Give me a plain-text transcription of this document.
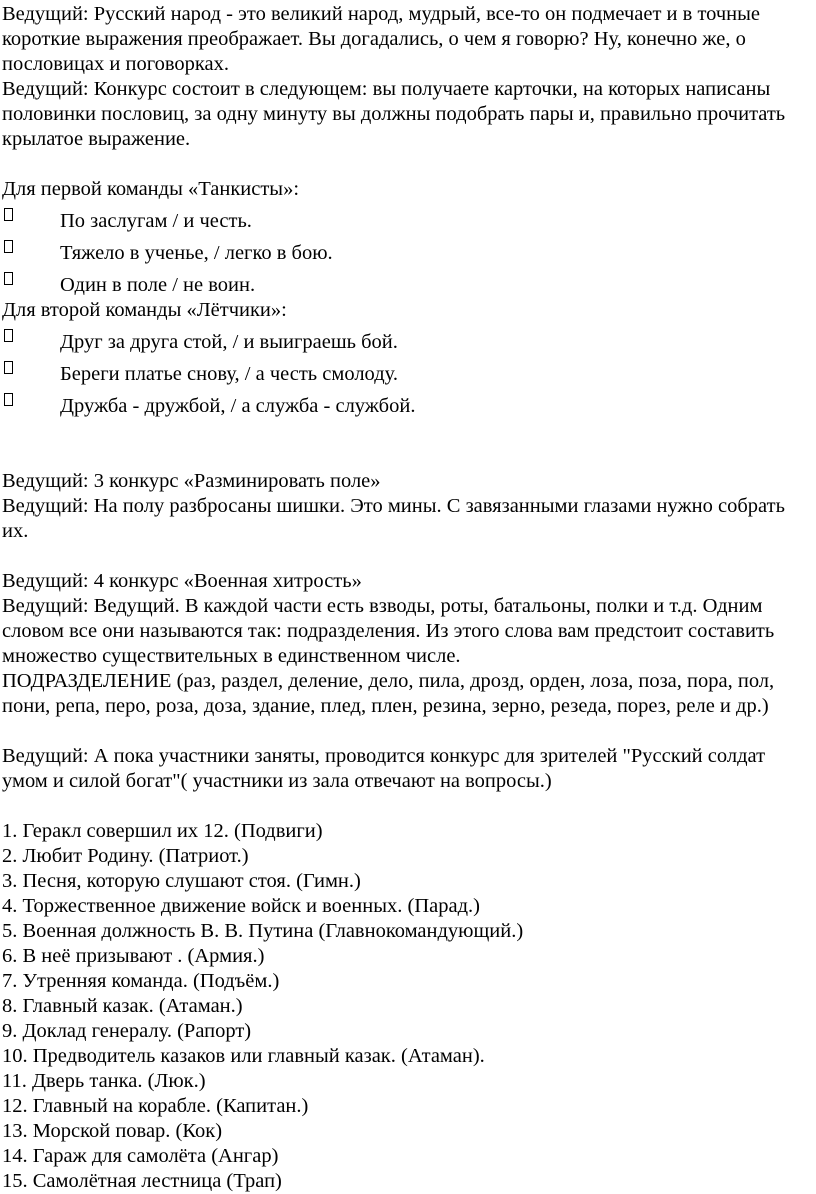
Ведущий: Русский народ - это великий народ, мудрый, все-то он подмечает и в точные короткие выражения преображает. Вы догадались, о чем я говорю? Ну, конечно же, о пословицах и поговорках.

Ведущий: Конкурс состоит в следующем: вы получаете карточки, на которых написаны половинки пословиц, за одну минуту вы должны подобрать пары и, правильно прочитать крылатое выражение.

Для первой команды «Танкисты»:

По заслугам / и честь.
Тяжело в ученье, / легко в бою.
Один в поле / не воин.

Для второй команды «Лётчики»:

Друг за друга стой, / и выиграешь бой.
Береги платье снову, / а честь смолоду.
Дружба - дружбой, / а служба - службой.

Ведущий: 3 конкурс «Разминировать поле»

Ведущий: На полу разбросаны шишки. Это мины. С завязанными глазами нужно собрать их.

Ведущий: 4 конкурс «Военная хитрость»

Ведущий: Ведущий. В каждой части есть взводы, роты, батальоны, полки и т.д. Одним словом все они называются так: подразделения. Из этого слова вам предстоит составить множество существительных в единственном числе.

ПОДРАЗДЕЛЕНИЕ (раз, раздел, деление, дело, пила, дрозд, орден, лоза, поза, пора, пол, пони, репа, перо, роза, доза, здание, плед, плен, резина, зерно, резеда, порез, реле и др.)

Ведущий: А пока участники заняты, проводится конкурс для зрителей "Русский солдат умом и силой богат"( участники из зала отвечают на вопросы.)

1. Геракл совершил их 12. (Подвиги)

2. Любит Родину. (Патриот.)

3. Песня, которую слушают стоя. (Гимн.)

4. Торжественное движение войск и военных. (Парад.)

5. Военная должность В. В. Путина (Главнокомандующий.)

6. В неё призывают . (Армия.)

7. Утренняя команда. (Подъём.)

8. Главный казак. (Атаман.)

9. Доклад генералу. (Рапорт)

10. Предводитель казаков или главный казак. (Атаман).

11. Дверь танка. (Люк.)

12. Главный на корабле. (Капитан.)

13. Морской повар. (Кок)

14. Гараж для самолёта (Ангар)

15. Самолётная лестница (Трап)
